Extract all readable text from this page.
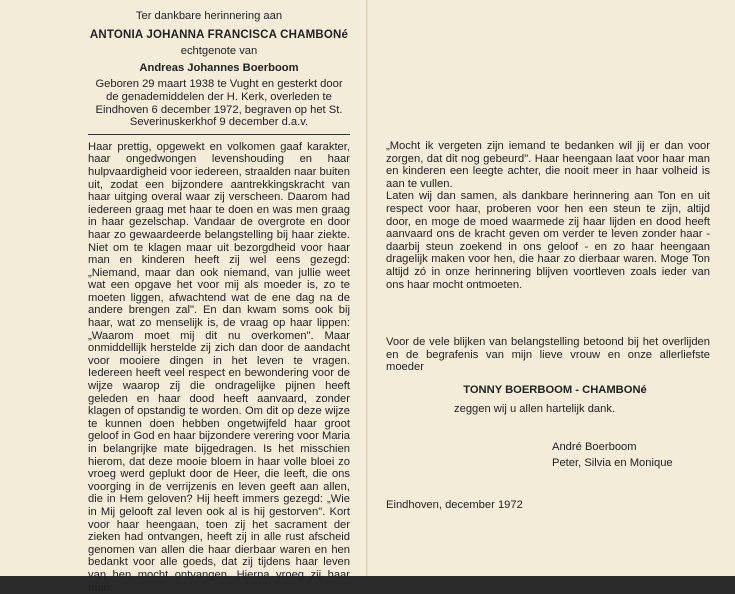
Ter dankbare herinnering aan

ANTONIA JOHANNA FRANCISCA CHAMBONé

echtgenote van

Andreas Johannes Boerboom

Geboren 29 maart 1938 te Vught en gesterkt door de genademiddelen der H. Kerk, overleden te Eindhoven 6 december 1972, begraven op het St. Severinuskerkhof 9 december d.a.v.

Haar prettig, opgewekt en volkomen gaaf karakter, haar ongedwongen levenshouding en haar hulpvaardigheid voor iedereen, straalden naar buiten uit, zodat een bijzondere aantrekkingskracht van haar uitging overal waar zij verscheen. Daarom had iedereen graag met haar te doen en was men graag in haar gezelschap. Vandaar de overgrote en door haar zo gewaardeerde belangstelling bij haar ziekte. Niet om te klagen maar uit bezorgdheid voor haar man en kinderen heeft zij wel eens gezegd: „Niemand, maar dan ook niemand, van jullie weet wat een opgave het voor mij als moeder is, zo te moeten liggen, afwachtend wat de ene dag na de andere brengen zal". En dan kwam soms ook bij haar, wat zo menselijk is, de vraag op haar lippen: „Waarom moet mij dit nu overkomen". Maar onmiddellijk herstelde zij zich dan door de aandacht voor mooiere dingen in het leven te vragen. Iedereen heeft veel respect en bewondering voor de wijze waarop zij die ondragelijke pijnen heeft geleden en haar dood heeft aanvaard, zonder klagen of opstandig te worden. Om dit op deze wijze te kunnen doen hebben ongetwijfeld haar groot geloof in God en haar bijzondere verering voor Maria in belangrijke mate bijgedragen. Is het misschien hierom, dat deze mooie bloem in haar volle bloei zo vroeg werd geplukt door de Heer, die leeft, die ons voorging in de verrijzenis en leven geeft aan allen, die in Hem geloven? Hij heeft immers gezegd: „Wie in Mij gelooft zal leven ook al is hij gestorven". Kort voor haar heengaan, toen zij het sacrament der zieken had ontvangen, heeft zij in alle rust afscheid genomen van allen die haar dierbaar waren en hen bedankt voor alle goeds, dat zij tijdens haar leven van hen mocht ontvangen. Hierna vroeg zij haar man:

„Mocht ik vergeten zijn iemand te bedanken wil jij er dan voor zorgen, dat dit nog gebeurd". Haar heengaan laat voor haar man en kinderen een leegte achter, die nooit meer in haar volheid is aan te vullen.

Laten wij dan samen, als dankbare herinnering aan Ton en uit respect voor haar, proberen voor hen een steun te zijn, altijd door, en moge de moed waarmede zij haar lijden en dood heeft aanvaard ons de kracht geven om verder te leven zonder haar - daarbij steun zoekend in ons geloof - en zo haar heengaan dragelijk maken voor hen, die haar zo dierbaar waren. Moge Ton altijd zó in onze herinnering blijven voortleven zoals ieder van ons haar mocht ontmoeten.

Voor de vele blijken van belangstelling betoond bij het overlijden en de begrafenis van mijn lieve vrouw en onze allerliefste moeder

TONNY BOERBOOM - CHAMBONé

zeggen wij u allen hartelijk dank.

André Boerboom

Peter, Silvia en Monique

Eindhoven, december 1972
